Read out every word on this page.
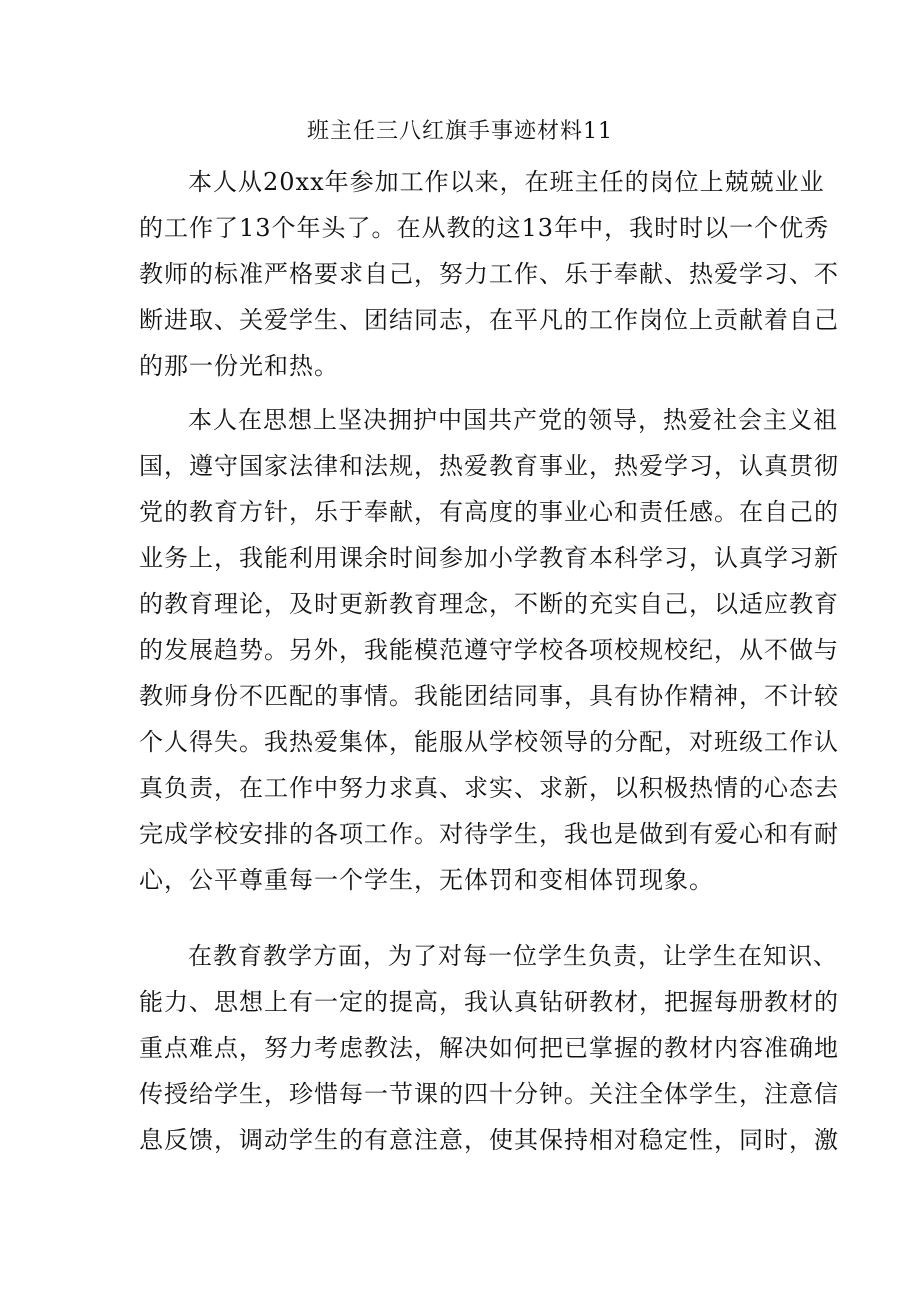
班主任三八红旗手事迹材料11
本人从20xx年参加工作以来，在班主任的岗位上兢兢业业
的工作了13个年头了。在从教的这13年中，我时时以一个优秀
教师的标准严格要求自己，努力工作、乐于奉献、热爱学习、不
断进取、关爱学生、团结同志，在平凡的工作岗位上贡献着自己
的那一份光和热。
本人在思想上坚决拥护中国共产党的领导，热爱社会主义祖
国，遵守国家法律和法规，热爱教育事业，热爱学习，认真贯彻
党的教育方针，乐于奉献，有高度的事业心和责任感。在自己的
业务上，我能利用课余时间参加小学教育本科学习，认真学习新
的教育理论，及时更新教育理念，不断的充实自己，以适应教育
的发展趋势。另外，我能模范遵守学校各项校规校纪，从不做与
教师身份不匹配的事情。我能团结同事，具有协作精神，不计较
个人得失。我热爱集体，能服从学校领导的分配，对班级工作认
真负责，在工作中努力求真、求实、求新，以积极热情的心态去
完成学校安排的各项工作。对待学生，我也是做到有爱心和有耐
心，公平尊重每一个学生，无体罚和变相体罚现象。
在教育教学方面，为了对每一位学生负责，让学生在知识、
能力、思想上有一定的提高，我认真钻研教材，把握每册教材的
重点难点，努力考虑教法，解决如何把已掌握的教材内容准确地
传授给学生，珍惜每一节课的四十分钟。关注全体学生，注意信
息反馈，调动学生的有意注意，使其保持相对稳定性，同时，激
